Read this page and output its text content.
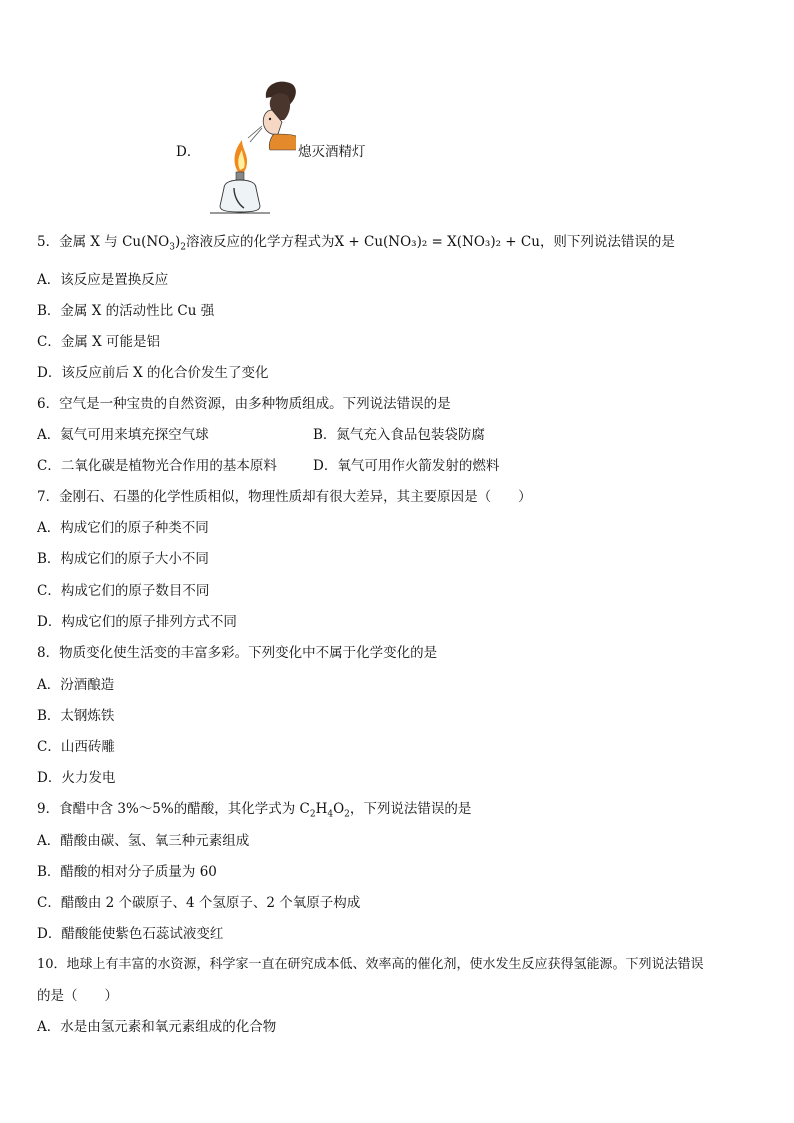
D．	熄灭酒精灯
5．金属 X 与 $Cu(NO_3)_2$溶液反应的化学方程式为X + Cu(NO₃)₂ = X(NO₃)₂ + Cu，则下列说法错误的是
A．该反应是置换反应
B．金属 X 的活动性比 Cu 强
C．金属 X 可能是铝
D．该反应前后 X 的化合价发生了变化
6．空气是一种宝贵的自然资源，由多种物质组成。下列说法错误的是
A．氦气可用来填充探空气球	B．氮气充入食品包装袋防腐
C．二氧化碳是植物光合作用的基本原料	D．氧气可用作火箭发射的燃料
7．金刚石、石墨的化学性质相似，物理性质却有很大差异，其主要原因是（　　）
A．构成它们的原子种类不同
B．构成它们的原子大小不同
C．构成它们的原子数目不同
D．构成它们的原子排列方式不同
8．物质变化使生活变的丰富多彩。下列变化中不属于化学变化的是
A．汾酒酿造
B．太钢炼铁
C．山西砖雕
D．火力发电
9．食醋中含 3%～5%的醋酸，其化学式为 $C_2H_4O_2$，下列说法错误的是
A．醋酸由碳、氢、氧三种元素组成
B．醋酸的相对分子质量为 60
C．醋酸由 2 个碳原子、4 个氢原子、2 个氧原子构成
D．醋酸能使紫色石蕊试液变红
10．地球上有丰富的水资源，科学家一直在研究成本低、效率高的催化剂，使水发生反应获得氢能源。下列说法错误
的是（　　）
A．水是由氢元素和氧元素组成的化合物
